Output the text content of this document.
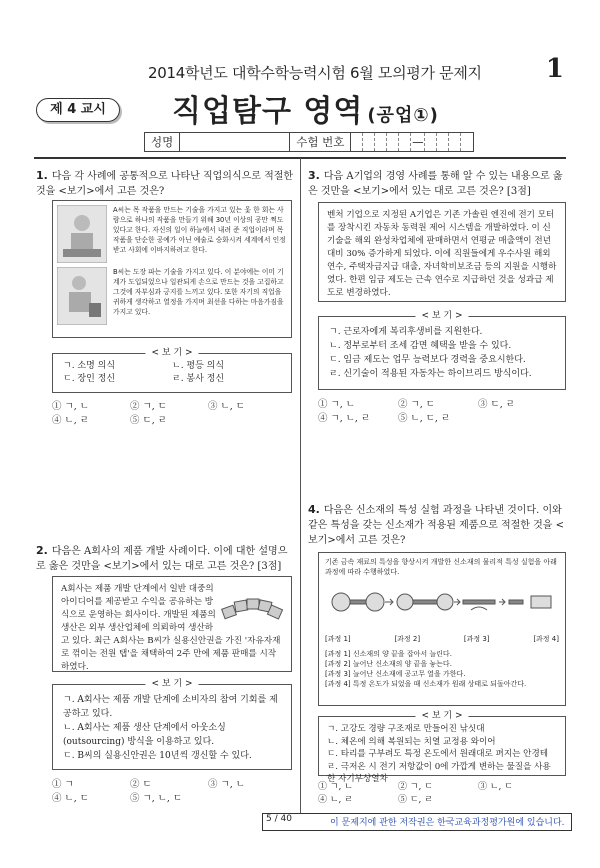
2014학년도 대학수학능력시험 6월 모의평가 문제지 1
제 4 교시	직업탐구 영역 (공업①)
성명	수험 번호	—
1. 다음 각 사례에 공통적으로 나타난 직업의식으로 적절한 것을 <보기>에서 고른 것은?
A씨는 목 작품을 만드는 기술을 가지고 있는 옻 한 회는 사람으로 하나의 작품을 만들기 위해 30년 이상의 공만 쩍도 있다고 한다. 자신의 일이 하늘에서 내려 준 직업이라며 목 작품을 단순한 공예가 아닌 예술로 승화시켜 세계에서 인정 받고 사회에 이바지하려고 한다.
B씨는 도장 파는 기술을 가지고 있다. 이 분야에는 이미 기계가 도입되었으나 일관되게 손으로 만드는 것을 고집하고 그것에 자부심과 긍지를 느끼고 있다. 또한 자기의 직업을 귀하게 생각하고 열정을 가지며 최선을 다하는 마음가짐을 가지고 있다.
< 보 기 >
ㄱ. 소명 의식	ㄴ. 평등 의식
ㄷ. 장인 정신	ㄹ. 봉사 정신
① ㄱ, ㄴ	② ㄱ, ㄷ	③ ㄴ, ㄷ
④ ㄴ, ㄹ	⑤ ㄷ, ㄹ
2. 다음은 A회사의 제품 개발 사례이다. 이에 대한 설명으로 옳은 것만을 <보기>에서 있는 대로 고른 것은? [3점]
A회사는 제품 개발 단계에서 일반 대중의 아이디어를 제공받고 수익을 공유하는 방식으로 운영하는 회사이다. 개발된 제품의 생산은 외부 생산업체에 의뢰하여 생산하고 있다. 최근 A회사는 B씨가 실용신안권을 가진 '자유자재로 꺾이는 전원 탭'을 채택하여 2주 만에 제품 판매를 시작하였다.
< 보 기 >
ㄱ. A회사는 제품 개발 단계에 소비자의 참여 기회를 제공하고 있다.
ㄴ. A회사는 제품 생산 단계에서 아웃소싱(outsourcing) 방식을 이용하고 있다.
ㄷ. B씨의 실용신안권은 10년씩 갱신할 수 있다.
① ㄱ	② ㄷ	③ ㄱ, ㄴ
④ ㄴ, ㄷ	⑤ ㄱ, ㄴ, ㄷ
3. 다음 A기업의 경영 사례를 통해 알 수 있는 내용으로 옳은 것만을 <보기>에서 있는 대로 고른 것은? [3점]
벤처 기업으로 지정된 A기업은 기존 가솔린 엔진에 전기 모터를 장착시킨 자동차 동력원 제어 시스템을 개발하였다. 이 신기술을 해외 완성차업체에 판매하면서 연평균 매출액이 전년 대비 30% 증가하게 되었다. 이에 직원들에게 우수사원 해외 연수, 주택자금지급 대출, 자녀학비보조금 등의 지원을 시행하였다. 한편 임금 제도는 근속 연수로 지급하던 것을 성과급 제도로 변경하였다.
< 보 기 >
ㄱ. 근로자에게 복리후생비를 지원한다.
ㄴ. 정부로부터 조세 감면 혜택을 받을 수 있다.
ㄷ. 임금 제도는 업무 능력보다 경력을 중요시한다.
ㄹ. 신기술이 적용된 자동차는 하이브리드 방식이다.
① ㄱ, ㄴ	② ㄱ, ㄷ	③ ㄷ, ㄹ
④ ㄱ, ㄴ, ㄹ	⑤ ㄴ, ㄷ, ㄹ
4. 다음은 신소재의 특성 실험 과정을 나타낸 것이다. 이와 같은 특성을 갖는 신소재가 적용된 제품으로 적절한 것을 <보기>에서 고른 것은?
기존 금속 재료의 특성을 향상시켜 개발한 신소재의 물리적 특성 실험을 아래 과정에 따라 수행하였다.
[과정 1]	[과정 2]	[과정 3]	[과정 4]
[과정 1] 신소재의 양 끝을 잡아서 늘린다.
[과정 2] 늘어난 신소재의 양 끝을 놓는다.
[과정 3] 늘어난 신소재에 공고무 열을 가한다.
[과정 4] 특정 온도가 되었을 때 신소재가 원래 상태로 되돌아간다.
< 보 기 >
ㄱ. 고강도 경량 구조재로 만들어진 낚싯대
ㄴ. 체온에 의해 복원되는 치열 교정용 와이어
ㄷ. 타리를 구부려도 특정 온도에서 원래대로 펴지는 안경테
ㄹ. 극저온 시 전기 저항값이 0에 가깝게 변하는 물질을 사용한 자기부상열차
① ㄱ, ㄴ	② ㄱ, ㄷ	③ ㄴ, ㄷ
④ ㄴ, ㄹ	⑤ ㄷ, ㄹ
5 / 40	이 문제지에 관한 저작권은 한국교육과정평가원에 있습니다.
